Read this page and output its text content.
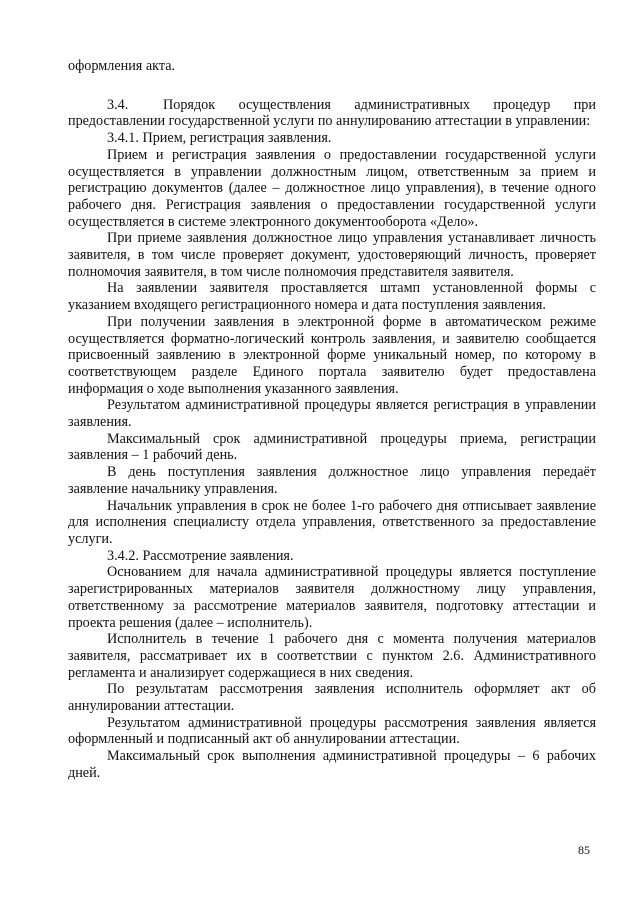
оформления акта.

3.4. Порядок осуществления административных процедур при предоставлении государственной услуги по аннулированию аттестации в управлении:

3.4.1. Прием, регистрация заявления.

Прием и регистрация заявления о предоставлении государственной услуги осуществляется в управлении должностным лицом, ответственным за прием и регистрацию документов (далее – должностное лицо управления), в течение одного рабочего дня. Регистрация заявления о предоставлении государственной услуги осуществляется в системе электронного документооборота «Дело».

При приеме заявления должностное лицо управления устанавливает личность заявителя, в том числе проверяет документ, удостоверяющий личность, проверяет полномочия заявителя, в том числе полномочия представителя заявителя.

На заявлении заявителя проставляется штамп установленной формы с указанием входящего регистрационного номера и дата поступления заявления.

При получении заявления в электронной форме в автоматическом режиме осуществляется форматно-логический контроль заявления, и заявителю сообщается присвоенный заявлению в электронной форме уникальный номер, по которому в соответствующем разделе Единого портала заявителю будет предоставлена информация о ходе выполнения указанного заявления.

Результатом административной процедуры является регистрация в управлении заявления.

Максимальный срок административной процедуры приема, регистрации заявления – 1 рабочий день.

В день поступления заявления должностное лицо управления передаёт заявление начальнику управления.

Начальник управления в срок не более 1-го рабочего дня отписывает заявление для исполнения специалисту отдела управления, ответственного за предоставление услуги.

3.4.2. Рассмотрение заявления.

Основанием для начала административной процедуры является поступление зарегистрированных материалов заявителя должностному лицу управления, ответственному за рассмотрение материалов заявителя, подготовку аттестации и проекта решения (далее – исполнитель).

Исполнитель в течение 1 рабочего дня с момента получения материалов заявителя, рассматривает их в соответствии с пунктом 2.6. Административного регламента и анализирует содержащиеся в них сведения.

По результатам рассмотрения заявления исполнитель оформляет акт об аннулировании аттестации.

Результатом административной процедуры рассмотрения заявления является оформленный и подписанный акт об аннулировании аттестации.

Максимальный срок выполнения административной процедуры – 6 рабочих дней.

85
